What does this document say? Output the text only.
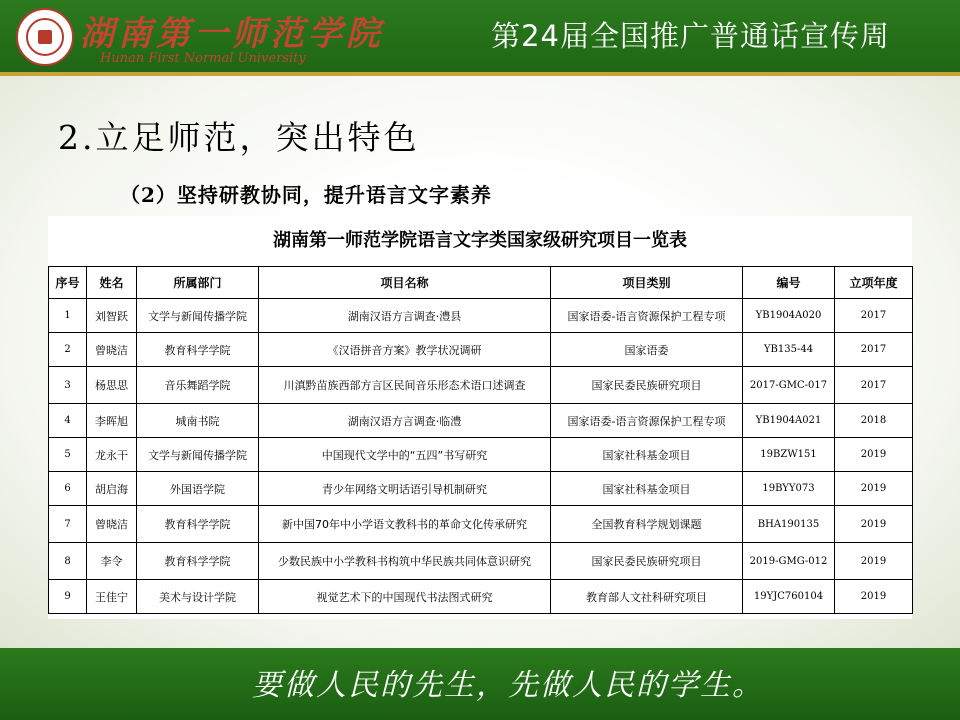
湖南第一师范学院
Hunan First Normal University
第24届全国推广普通话宣传周
2.立足师范，突出特色
（2）坚持研教协同，提升语言文字素养
湖南第一师范学院语言文字类国家级研究项目一览表
序号	姓名	所属部门	项目名称	项目类别	编号	立项年度
1	刘智跃	文学与新闻传播学院	湖南汉语方言调查·澧县	国家语委-语言资源保护工程专项	YB1904A020	2017
2	曾晓洁	教育科学学院	《汉语拼音方案》教学状况调研	国家语委	YB135-44	2017
3	杨思思	音乐舞蹈学院	川滇黔苗族西部方言区民间音乐形态术语口述调查	国家民委民族研究项目	2017-GMC-017	2017
4	李晖旭	城南书院	湖南汉语方言调查·临澧	国家语委-语言资源保护工程专项	YB1904A021	2018
5	龙永干	文学与新闻传播学院	中国现代文学中的“五四”书写研究	国家社科基金项目	19BZW151	2019
6	胡启海	外国语学院	青少年网络文明话语引导机制研究	国家社科基金项目	19BYY073	2019
7	曾晓洁	教育科学学院	新中国70年中小学语文教科书的革命文化传承研究	全国教育科学规划课题	BHA190135	2019
8	李令	教育科学学院	少数民族中小学教科书构筑中华民族共同体意识研究	国家民委民族研究项目	2019-GMG-012	2019
9	王佳宁	美术与设计学院	视觉艺术下的中国现代书法图式研究	教育部人文社科研究项目	19YJC760104	2019
要做人民的先生，先做人民的学生。
